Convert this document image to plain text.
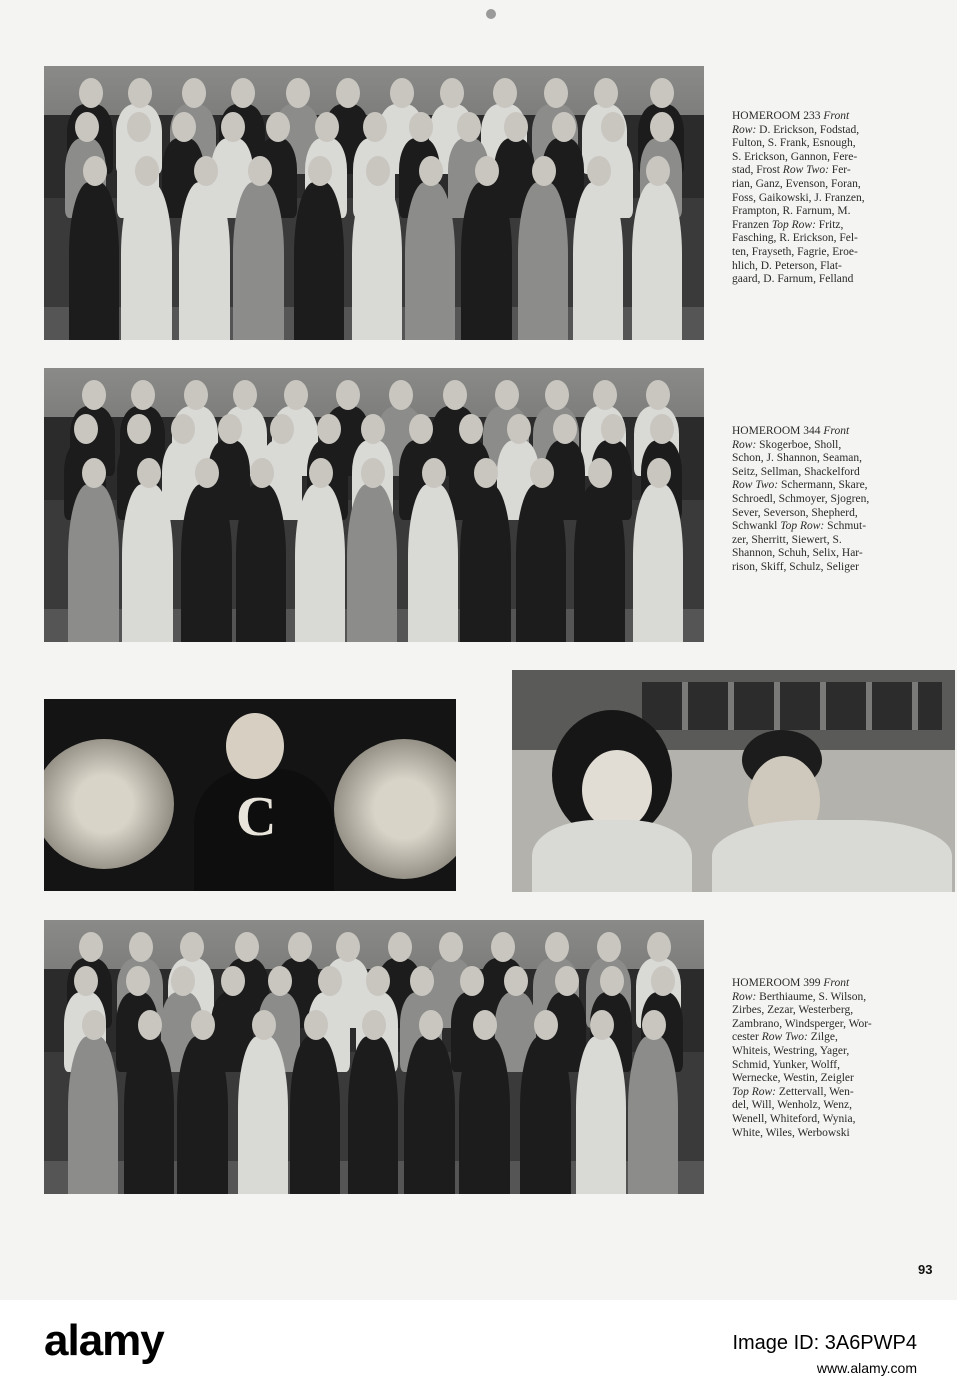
HOMEROOM 233 Front
Row: D. Erickson, Fodstad,
Fulton, S. Frank, Esnough,
S. Erickson, Gannon, Fere-
stad, Frost Row Two: Fer-
rian, Ganz, Evenson, Foran,
Foss, Gaikowski, J. Franzen,
Frampton, R. Farnum, M.
Franzen Top Row: Fritz,
Fasching, R. Erickson, Fel-
ten, Frayseth, Fagrie, Eroe-
hlich, D. Peterson, Flat-
gaard, D. Farnum, Felland
HOMEROOM 344 Front
Row: Skogerboe, Sholl,
Schon, J. Shannon, Seaman,
Seitz, Sellman, Shackelford
Row Two: Schermann, Skare,
Schroedl, Schmoyer, Sjogren,
Sever, Severson, Shepherd,
Schwankl Top Row: Schmut-
zer, Sherritt, Siewert, S.
Shannon, Schuh, Selix, Har-
rison, Skiff, Schulz, Seliger
C
HOMEROOM 399 Front
Row: Berthiaume, S. Wilson,
Zirbes, Zezar, Westerberg,
Zambrano, Windsperger, Wor-
cester Row Two: Zilge,
Whiteis, Westring, Yager,
Schmid, Yunker, Wolff,
Wernecke, Westin, Zeigler
Top Row: Zettervall, Wen-
del, Will, Wenholz, Wenz,
Wenell, Whiteford, Wynia,
White, Wiles, Werbowski
93
alamy	Image ID: 3A6PWP4
www.alamy.com
